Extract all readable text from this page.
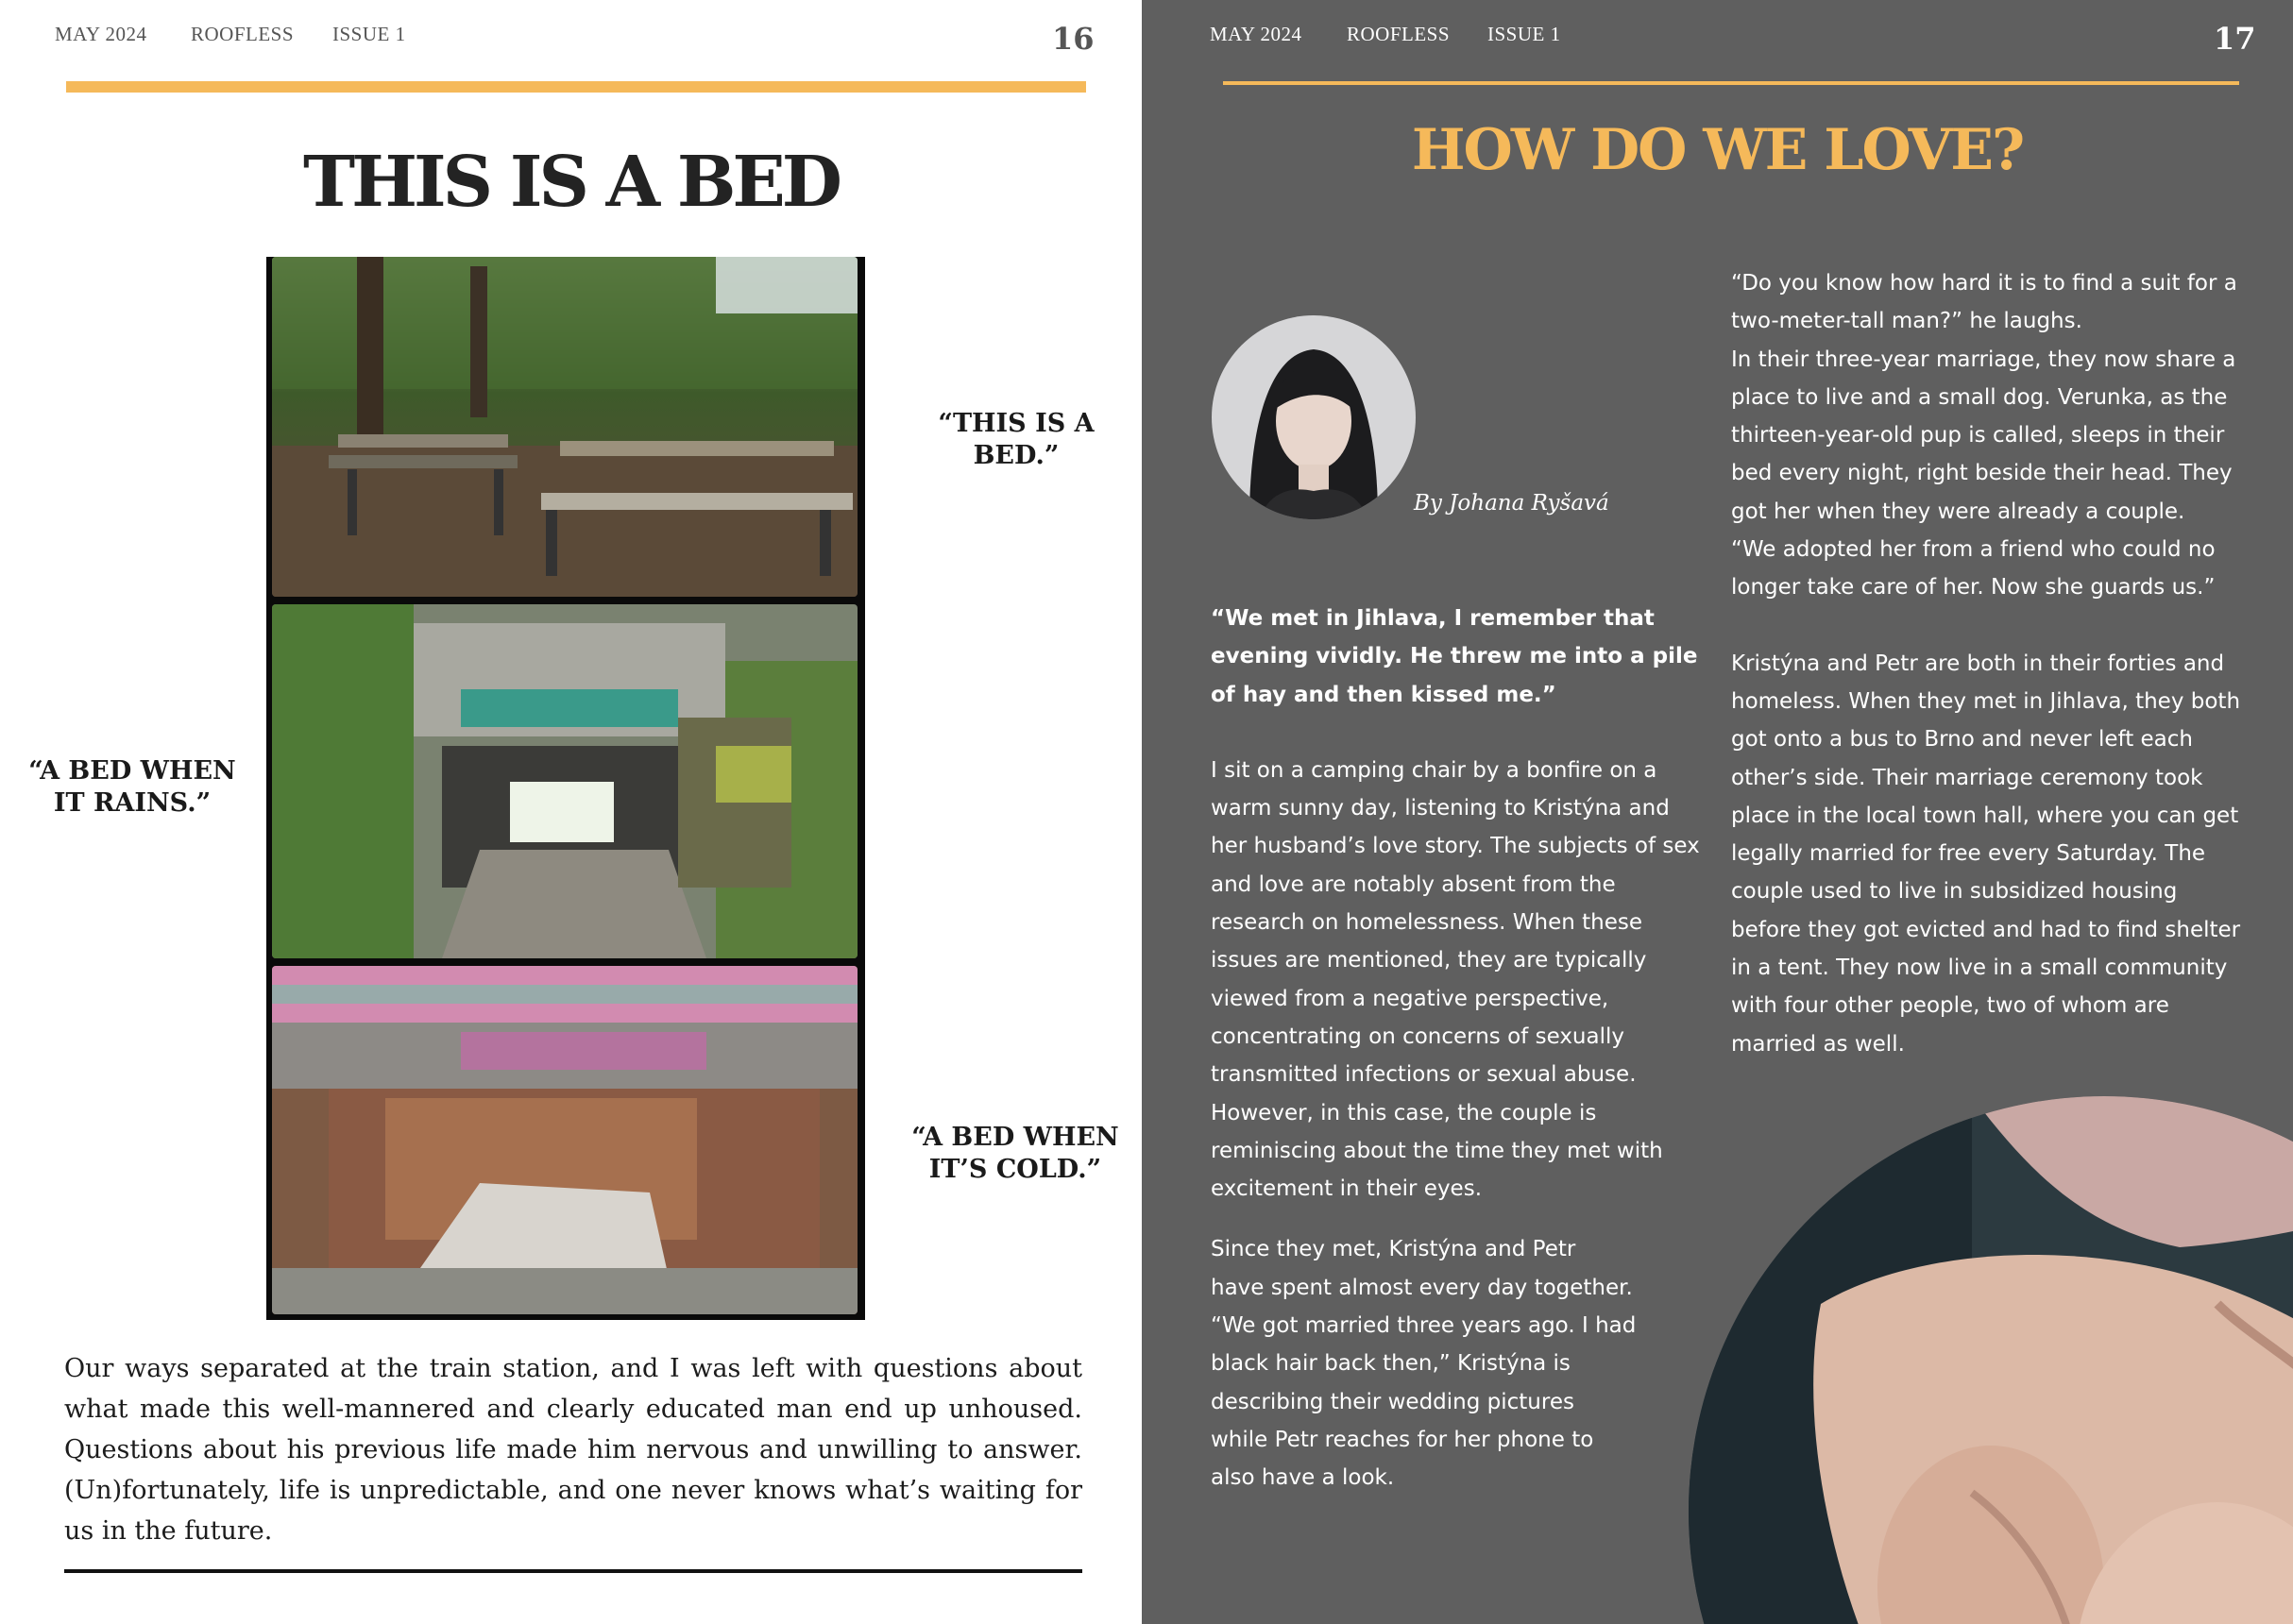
MAY 2024 ROOFLESS ISSUE 1	16
THIS IS A BED
“THIS IS A BED.”
“A BED WHEN
IT RAINS.”
“A BED WHEN
IT’S COLD.”

Our ways separated at the train station, and I was left with questions about what made this well-mannered and clearly educated man end up unhoused. Questions about his previous life made him nervous and unwilling to answer. (Un)fortunately, life is unpredictable, and one never knows what’s waiting for us in the future.

MAY 2024 ROOFLESS ISSUE 1	17
HOW DO WE LOVE?
By Johana Ryšavá

“We met in Jihlava, I remember that evening vividly. He threw me into a pile of hay and then kissed me.”

I sit on a camping chair by a bonfire on a warm sunny day, listening to Kristýna and her husband’s love story. The subjects of sex and love are notably absent from the research on homelessness. When these issues are mentioned, they are typically viewed from a negative perspective, concentrating on concerns of sexually transmitted infections or sexual abuse. However, in this case, the couple is reminiscing about the time they met with excitement in their eyes.

Since they met, Kristýna and Petr
have spent almost every day together.
“We got married three years ago. I had
black hair back then,” Kristýna is
describing their wedding pictures
while Petr reaches for her phone to
also have a look.

“Do you know how hard it is to find a suit for a two-meter-tall man?” he laughs.

In their three-year marriage, they now share a place to live and a small dog. Verunka, as the thirteen-year-old pup is called, sleeps in their bed every night, right beside their head. They got her when they were already a couple.

“We adopted her from a friend who could no longer take care of her. Now she guards us.”

Kristýna and Petr are both in their forties and homeless. When they met in Jihlava, they both got onto a bus to Brno and never left each other’s side. Their marriage ceremony took place in the local town hall, where you can get legally married for free every Saturday. The couple used to live in subsidized housing before they got evicted and had to find shelter in a tent. They now live in a small community with four other people, two of whom are married as well.
